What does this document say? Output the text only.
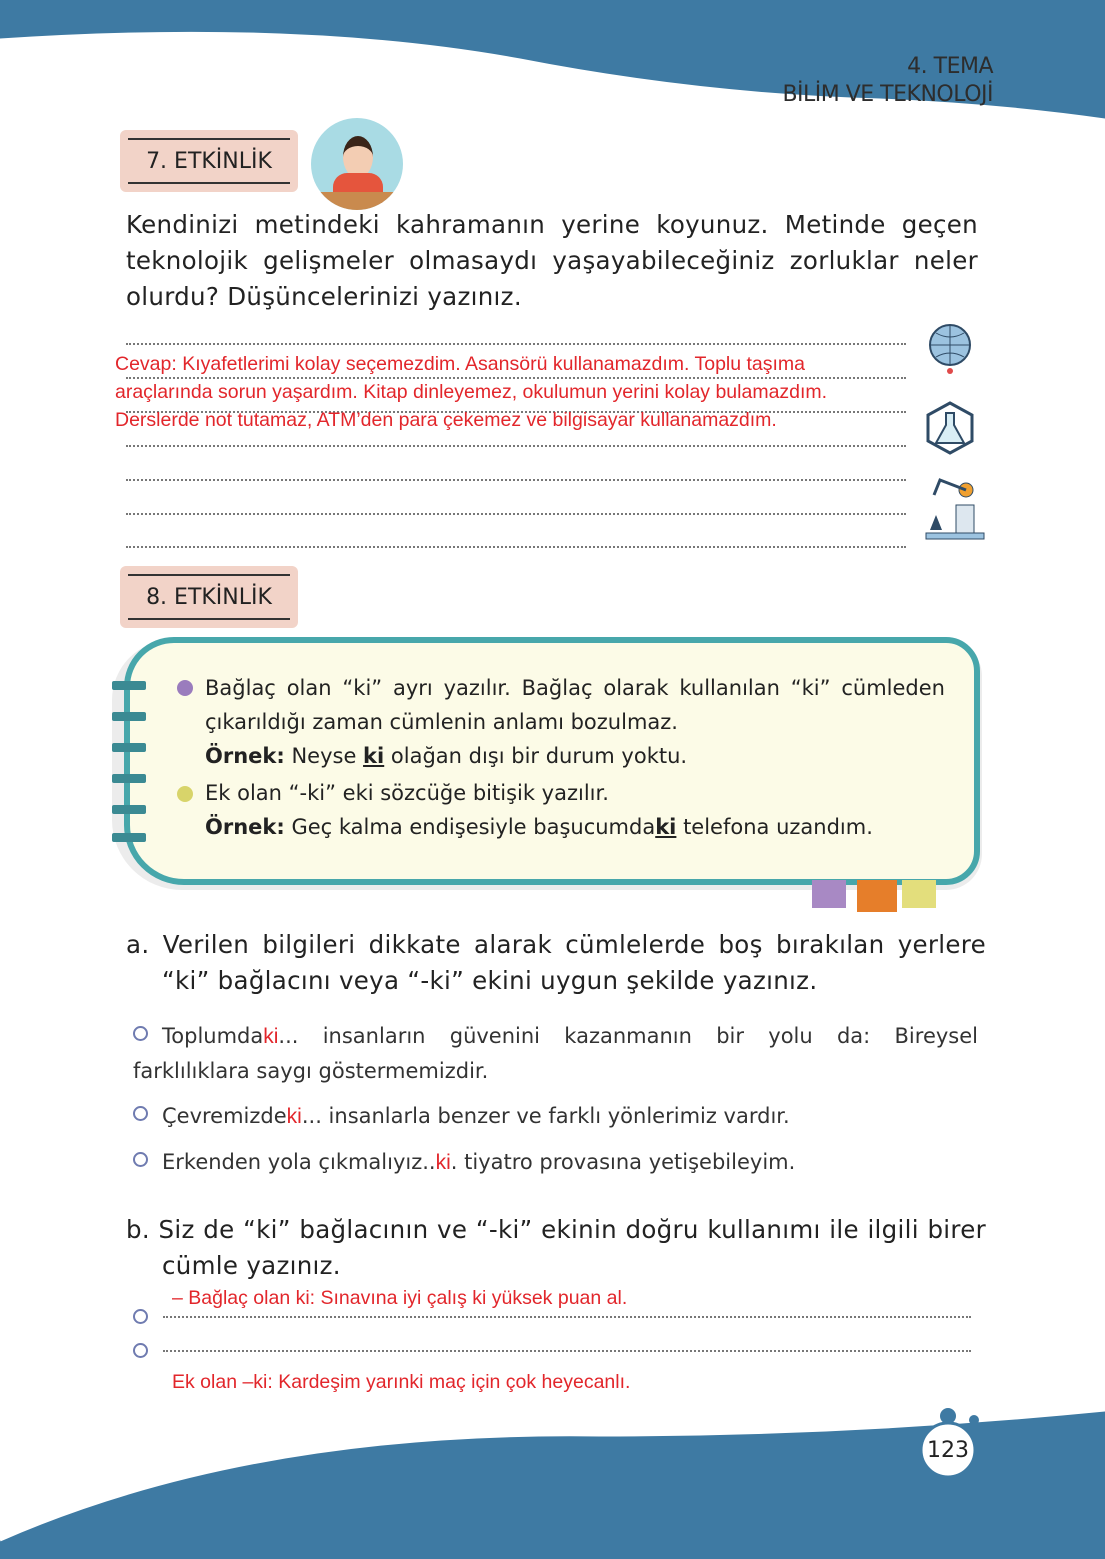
4. TEMA
BİLİM VE TEKNOLOJİ
7. ETKİNLİK
Kendinizi metindeki kahramanın yerine koyunuz. Metinde geçen teknolojik gelişmeler olmasaydı yaşayabileceğiniz zorluklar neler olurdu? Düşüncelerinizi yazınız.
Cevap: Kıyafetlerimi kolay seçemezdim. Asansörü kullanamazdım. Toplu taşıma
araçlarında sorun yaşardım. Kitap dinleyemez, okulumun yerini kolay bulamazdım.
Derslerde not tutamaz, ATM’den para çekemez ve bilgisayar kullanamazdım.
8. ETKİNLİK
Bağlaç olan “ki” ayrı yazılır. Bağlaç olarak kullanılan “ki” cümleden çıkarıldığı zaman cümlenin anlamı bozulmaz.
Örnek: Neyse ki olağan dışı bir durum yoktu.
Ek olan “-ki” eki sözcüğe bitişik yazılır.
Örnek: Geç kalma endişesiyle başucumdaki telefona uzandım.
a. Verilen bilgileri dikkate alarak cümlelerde boş bırakılan yerlere “ki” bağlacını veya “-ki” ekini uygun şekilde yazınız.
Toplumdaki... insanların güvenini kazanmanın bir yolu da: Bireysel farklılıklara saygı göstermemizdir.
Çevremizdeki... insanlarla benzer ve farklı yönlerimiz vardır.
Erkenden yola çıkmalıyız..ki. tiyatro provasına yetişebileyim.
b. Siz de “ki” bağlacının ve “-ki” ekinin doğru kullanımı ile ilgili birer cümle yazınız.
– Bağlaç olan ki: Sınavına iyi çalış ki yüksek puan al.
Ek olan –ki: Kardeşim yarınki maç için çok heyecanlı.
123
